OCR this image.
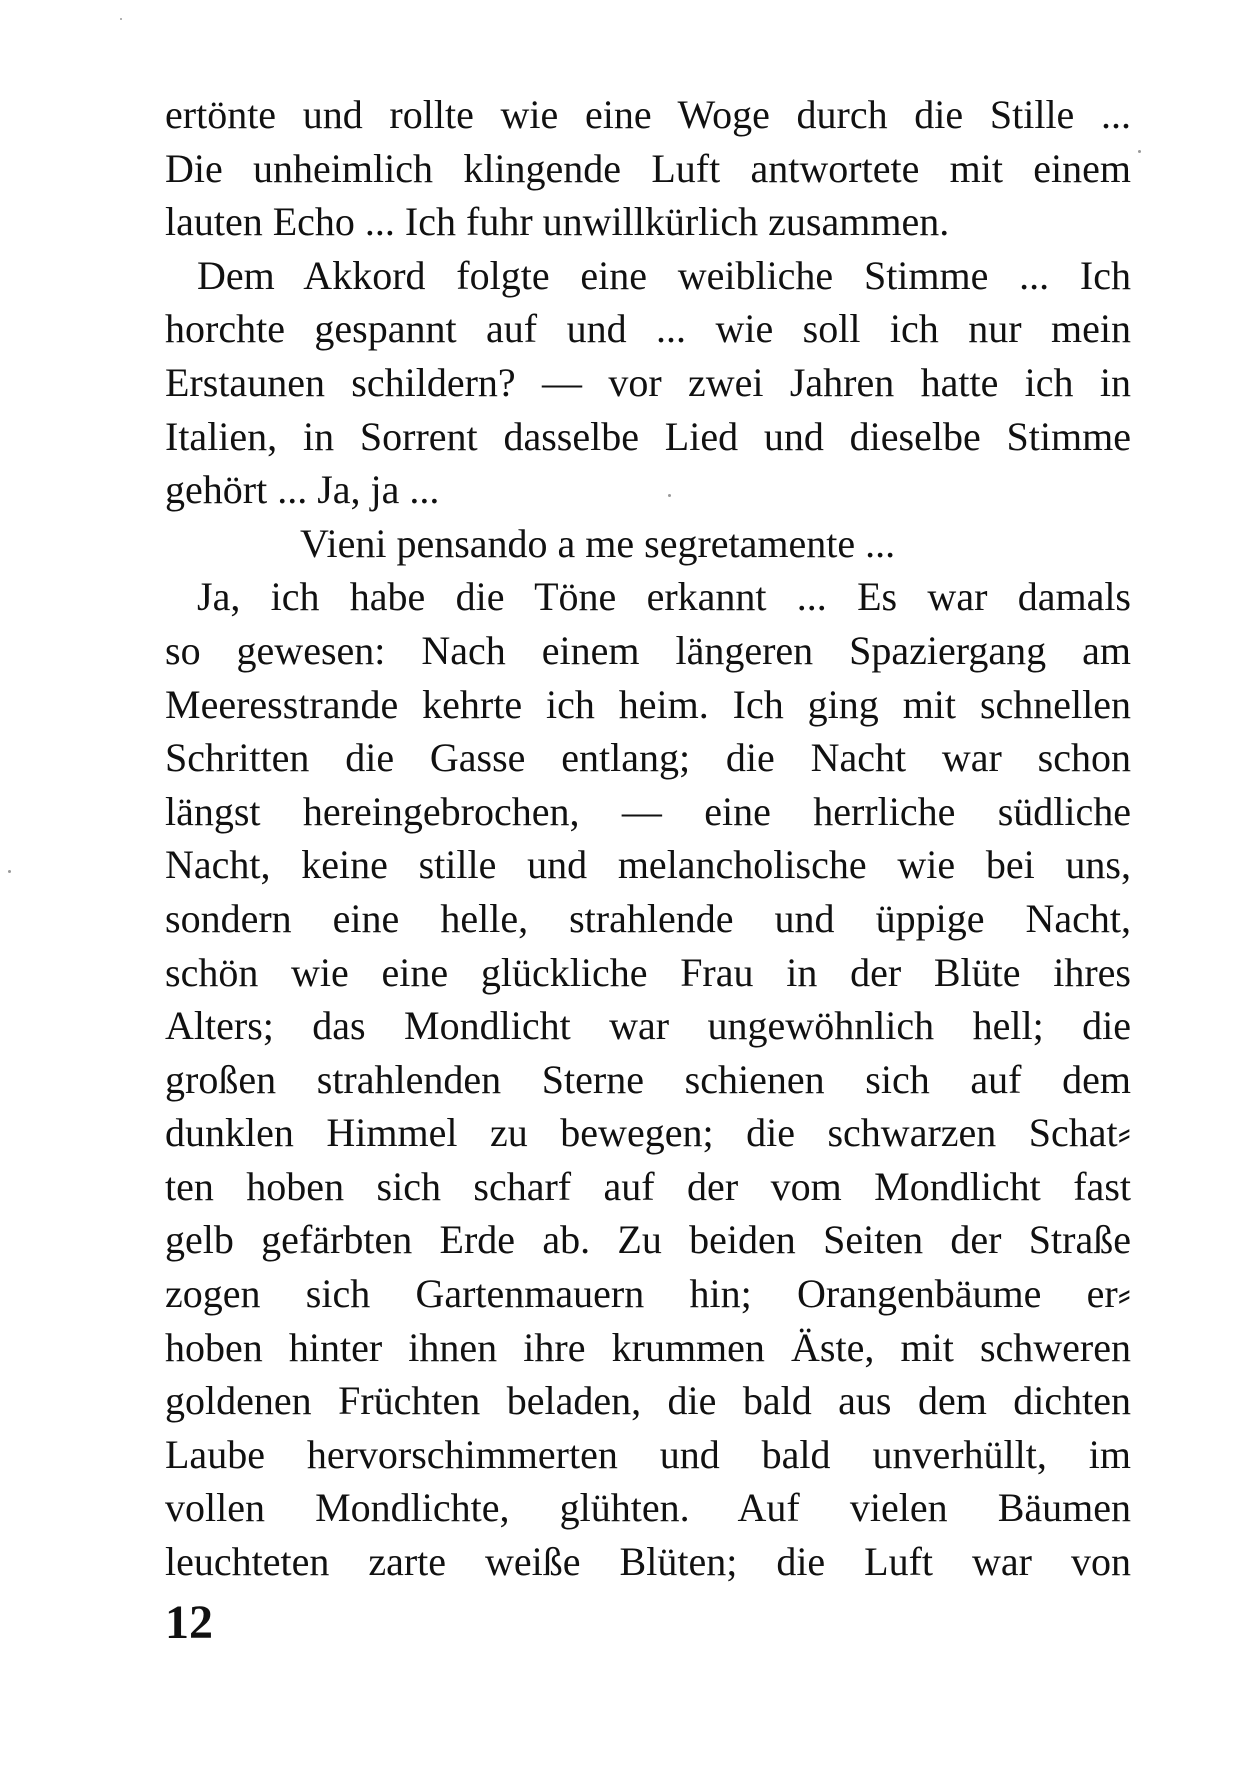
ertönte und rollte wie eine Woge durch die Stille ...
Die unheimlich klingende Luft antwortete mit einem
lauten Echo ... Ich fuhr unwillkürlich zusammen.
Dem Akkord folgte eine weibliche Stimme ... Ich
horchte gespannt auf und ... wie soll ich nur mein
Erstaunen schildern? — vor zwei Jahren hatte ich in
Italien, in Sorrent dasselbe Lied und dieselbe Stimme
gehört ... Ja, ja ...
Vieni pensando a me segretamente ...
Ja, ich habe die Töne erkannt ... Es war damals
so gewesen: Nach einem längeren Spaziergang am
Meeresstrande kehrte ich heim. Ich ging mit schnellen
Schritten die Gasse entlang; die Nacht war schon
längst hereingebrochen, — eine herrliche südliche
Nacht, keine stille und melancholische wie bei uns,
sondern eine helle, strahlende und üppige Nacht,
schön wie eine glückliche Frau in der Blüte ihres
Alters; das Mondlicht war ungewöhnlich hell; die
großen strahlenden Sterne schienen sich auf dem
dunklen Himmel zu bewegen; die schwarzen Schat⸗
ten hoben sich scharf auf der vom Mondlicht fast
gelb gefärbten Erde ab. Zu beiden Seiten der Straße
zogen sich Gartenmauern hin; Orangenbäume er⸗
hoben hinter ihnen ihre krummen Äste, mit schweren
goldenen Früchten beladen, die bald aus dem dichten
Laube hervorschimmerten und bald unverhüllt, im
vollen Mondlichte, glühten. Auf vielen Bäumen
leuchteten zarte weiße Blüten; die Luft war von
12
